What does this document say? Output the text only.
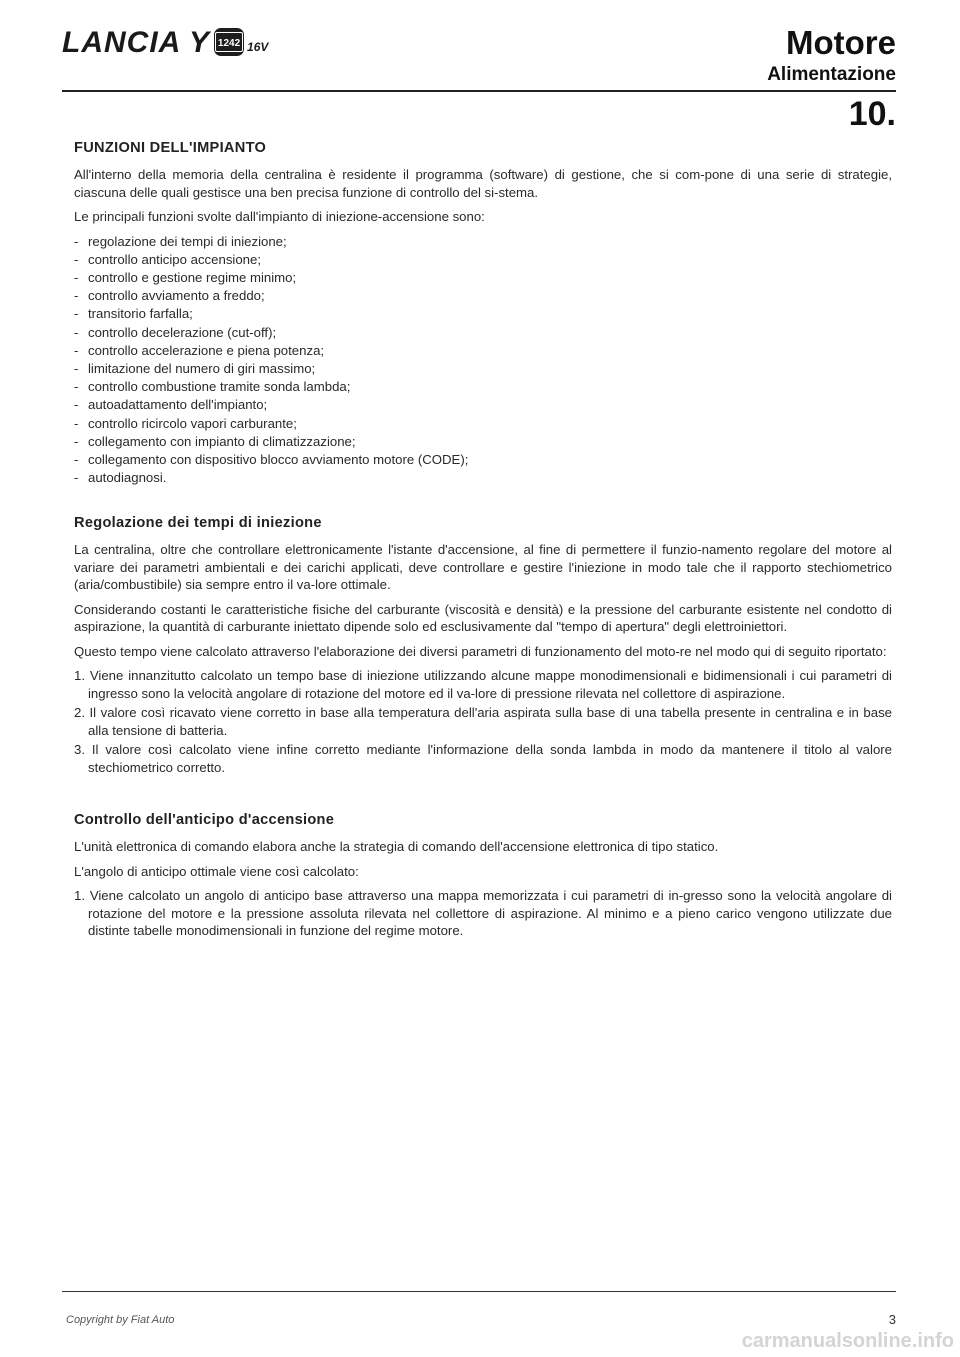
LANCIA Y 1242 16V	Motore
Alimentazione
10.
FUNZIONI DELL'IMPIANTO

All'interno della memoria della centralina è residente il programma (software) di gestione, che si com-pone di una serie di strategie, ciascuna delle quali gestisce una ben precisa funzione di controllo del si-stema.

Le principali funzioni svolte dall'impianto di iniezione-accensione sono:

- regolazione dei tempi di iniezione;
- controllo anticipo accensione;
- controllo e gestione regime minimo;
- controllo avviamento a freddo;
- transitorio farfalla;
- controllo decelerazione (cut-off);
- controllo accelerazione e piena potenza;
- limitazione del numero di giri massimo;
- controllo combustione tramite sonda lambda;
- autoadattamento dell'impianto;
- controllo ricircolo vapori carburante;
- collegamento con impianto di climatizzazione;
- collegamento con dispositivo blocco avviamento motore (CODE);
- autodiagnosi.
Regolazione dei tempi di iniezione

La centralina, oltre che controllare elettronicamente l'istante d'accensione, al fine di permettere il funzio-namento regolare del motore al variare dei parametri ambientali e dei carichi applicati, deve controllare e gestire l'iniezione in modo tale che il rapporto stechiometrico (aria/combustibile) sia sempre entro il va-lore ottimale.

Considerando costanti le caratteristiche fisiche del carburante (viscosità e densità) e la pressione del carburante esistente nel condotto di aspirazione, la quantità di carburante iniettato dipende solo ed esclusivamente dal "tempo di apertura" degli elettroiniettori.

Questo tempo viene calcolato attraverso l'elaborazione dei diversi parametri di funzionamento del moto-re nel modo qui di seguito riportato:

1. Viene innanzitutto calcolato un tempo base di iniezione utilizzando alcune mappe monodimensionali e bidimensionali i cui parametri di ingresso sono la velocità angolare di rotazione del motore ed il va-lore di pressione rilevata nel collettore di aspirazione.
2. Il valore così ricavato viene corretto in base alla temperatura dell'aria aspirata sulla base di una tabella presente in centralina e in base alla tensione di batteria.
3. Il valore così calcolato viene infine corretto mediante l'informazione della sonda lambda in modo da mantenere il titolo al valore stechiometrico corretto.
Controllo dell'anticipo d'accensione

L'unità elettronica di comando elabora anche la strategia di comando dell'accensione elettronica di tipo statico.

L'angolo di anticipo ottimale viene così calcolato:

1. Viene calcolato un angolo di anticipo base attraverso una mappa memorizzata i cui parametri di in-gresso sono la velocità angolare di rotazione del motore e la pressione assoluta rilevata nel collettore di aspirazione. Al minimo e a pieno carico vengono utilizzate due distinte tabelle monodimensionali in funzione del regime motore.
Copyright by Fiat Auto	3
carmanualsonline.info
